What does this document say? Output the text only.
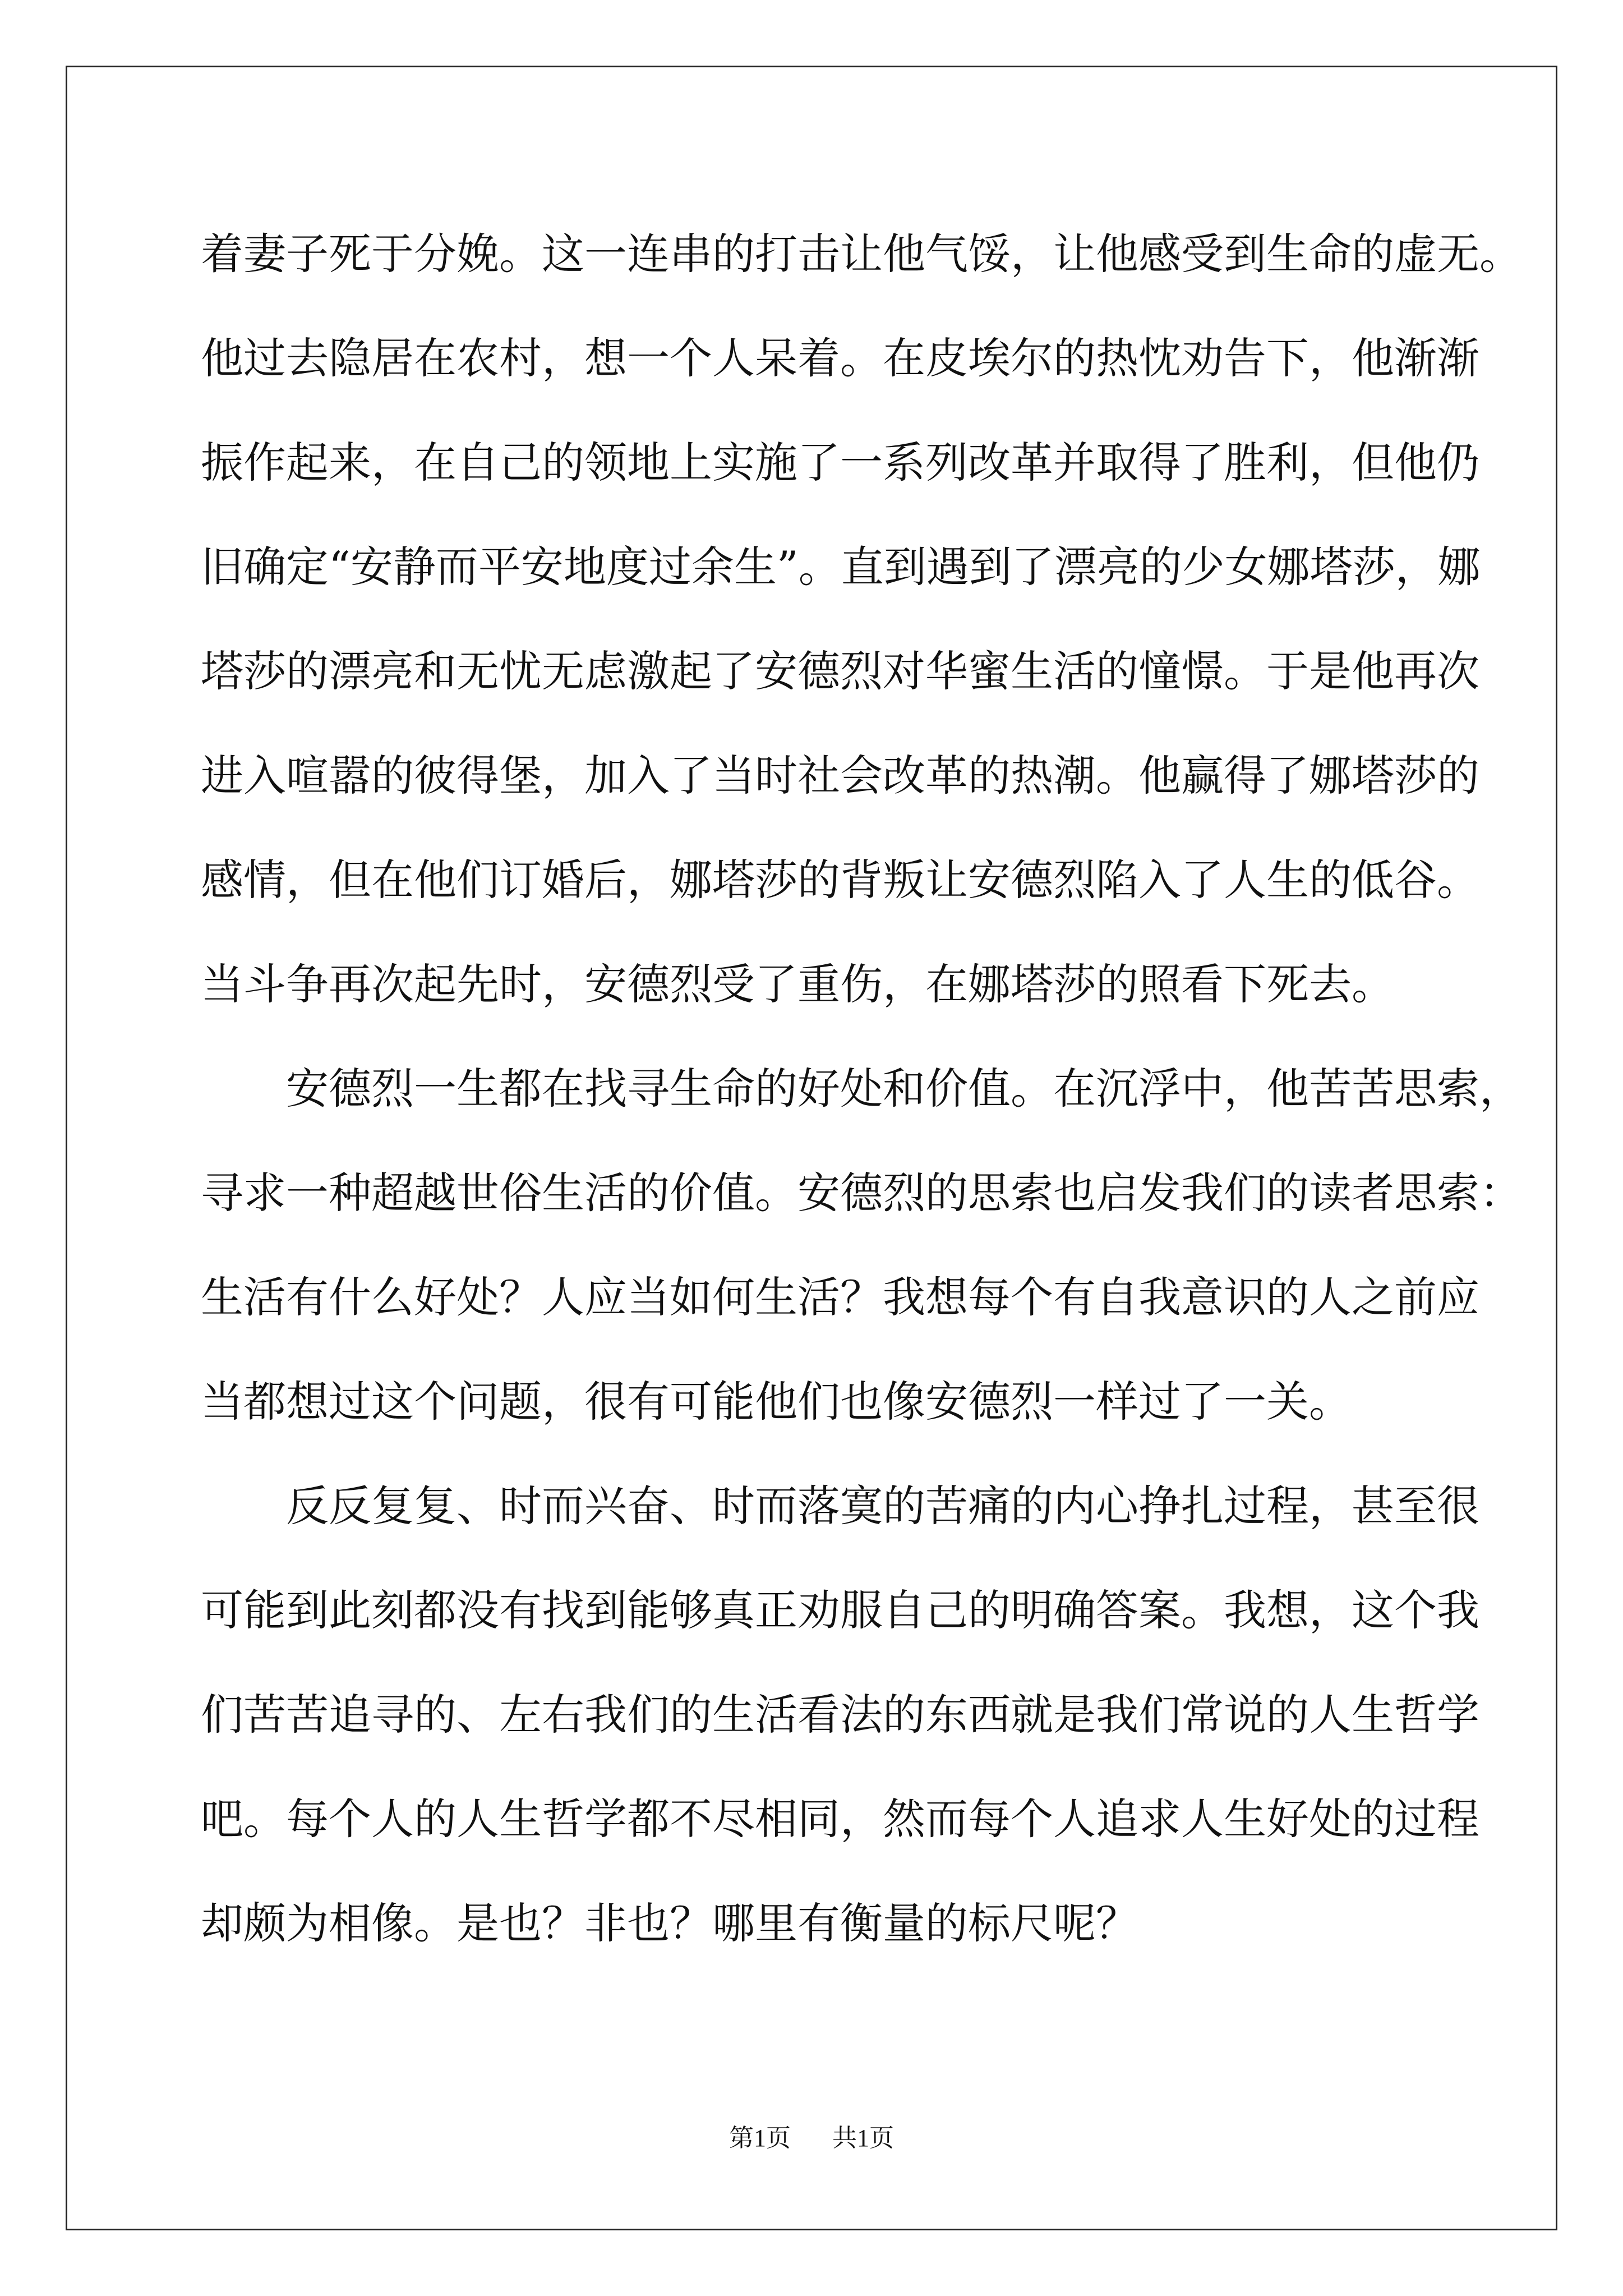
着妻子死于分娩。这一连串的打击让他气馁，让他感受到生命的虚无。
他过去隐居在农村，想一个人呆着。在皮埃尔的热忱劝告下，他渐渐
振作起来，在自己的领地上实施了一系列改革并取得了胜利，但他仍
旧确定“安静而平安地度过余生”。直到遇到了漂亮的少女娜塔莎，娜
塔莎的漂亮和无忧无虑激起了安德烈对华蜜生活的憧憬。于是他再次
进入喧嚣的彼得堡，加入了当时社会改革的热潮。他赢得了娜塔莎的
感情，但在他们订婚后，娜塔莎的背叛让安德烈陷入了人生的低谷。
当斗争再次起先时，安德烈受了重伤，在娜塔莎的照看下死去。
安德烈一生都在找寻生命的好处和价值。在沉浮中，他苦苦思索，
寻求一种超越世俗生活的价值。安德烈的思索也启发我们的读者思索：
生活有什么好处？人应当如何生活？我想每个有自我意识的人之前应
当都想过这个问题，很有可能他们也像安德烈一样过了一关。
反反复复、时而兴奋、时而落寞的苦痛的内心挣扎过程，甚至很
可能到此刻都没有找到能够真正劝服自己的明确答案。我想，这个我
们苦苦追寻的、左右我们的生活看法的东西就是我们常说的人生哲学
吧。每个人的人生哲学都不尽相同，然而每个人追求人生好处的过程
却颇为相像。是也？非也？哪里有衡量的标尺呢？
第1页 共1页
